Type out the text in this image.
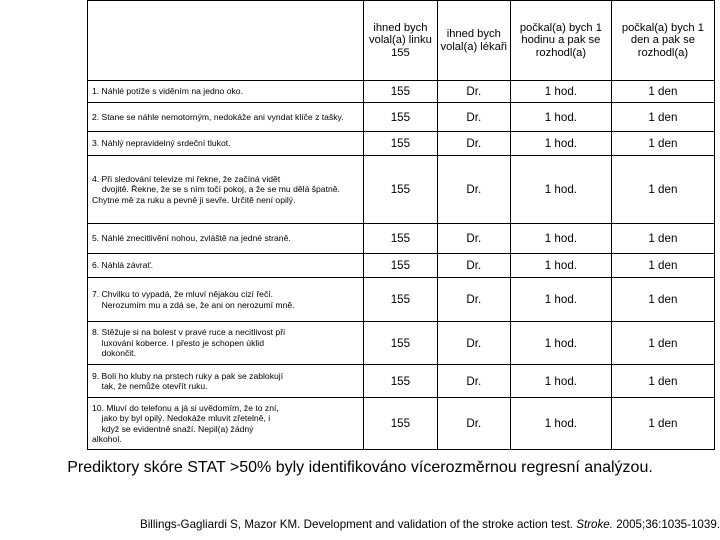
	ihned bych volal(a) linku 155	ihned bych volal(a) lékaři	počkal(a) bych 1 hodinu a pak se rozhodl(a)	počkal(a) bych 1 den a pak se rozhodl(a)
1. Náhlé potíže s viděním na jedno oko.	155	Dr.	1 hod.	1 den
2. Stane se náhle nemotorným, nedokáže ani vyndat klíče z tašky.	155	Dr.	1 hod.	1 den
3. Náhlý nepravidelný srdeční tlukot.	155	Dr.	1 hod.	1 den
4. Při sledování televize mi řekne, že začíná vidět
dvojitě. Řekne, že se s ním točí pokoj, a že se mu dělá špatně. Chytne mě za ruku a pevně ji sevře. Určitě není opilý.	155	Dr.	1 hod.	1 den
5. Náhlé znecitlivění nohou, zvláště na jedné straně.	155	Dr.	1 hod.	1 den
6. Náhlá závrať.	155	Dr.	1 hod.	1 den
7. Chvilku to vypadá, že mluví nějakou cizí řečí.
Nerozumím mu a zdá se, že ani on nerozumí mně.	155	Dr.	1 hod.	1 den
8. Stěžuje si na bolest v pravé ruce a necitlivost při
luxování koberce. I přesto je schopen úklid
dokončit.	155	Dr.	1 hod.	1 den
9. Bolí ho kluby na prstech ruky a pak se zablokují
tak, že nemůže otevřít ruku.	155	Dr.	1 hod.	1 den
10. Mluví do telefonu a já si uvědomím, že to zní,
jako by byl opilý. Nedokáže mluvit zřetelně, i
když se evidentně snaží. Nepil(a) žádný
alkohol.	155	Dr.	1 hod.	1 den
Prediktory skóre STAT >50% byly identifikováno vícerozměrnou regresní analýzou.
Billings-Gagliardi S, Mazor KM. Development and validation of the stroke action test. Stroke. 2005;36:1035-1039.
